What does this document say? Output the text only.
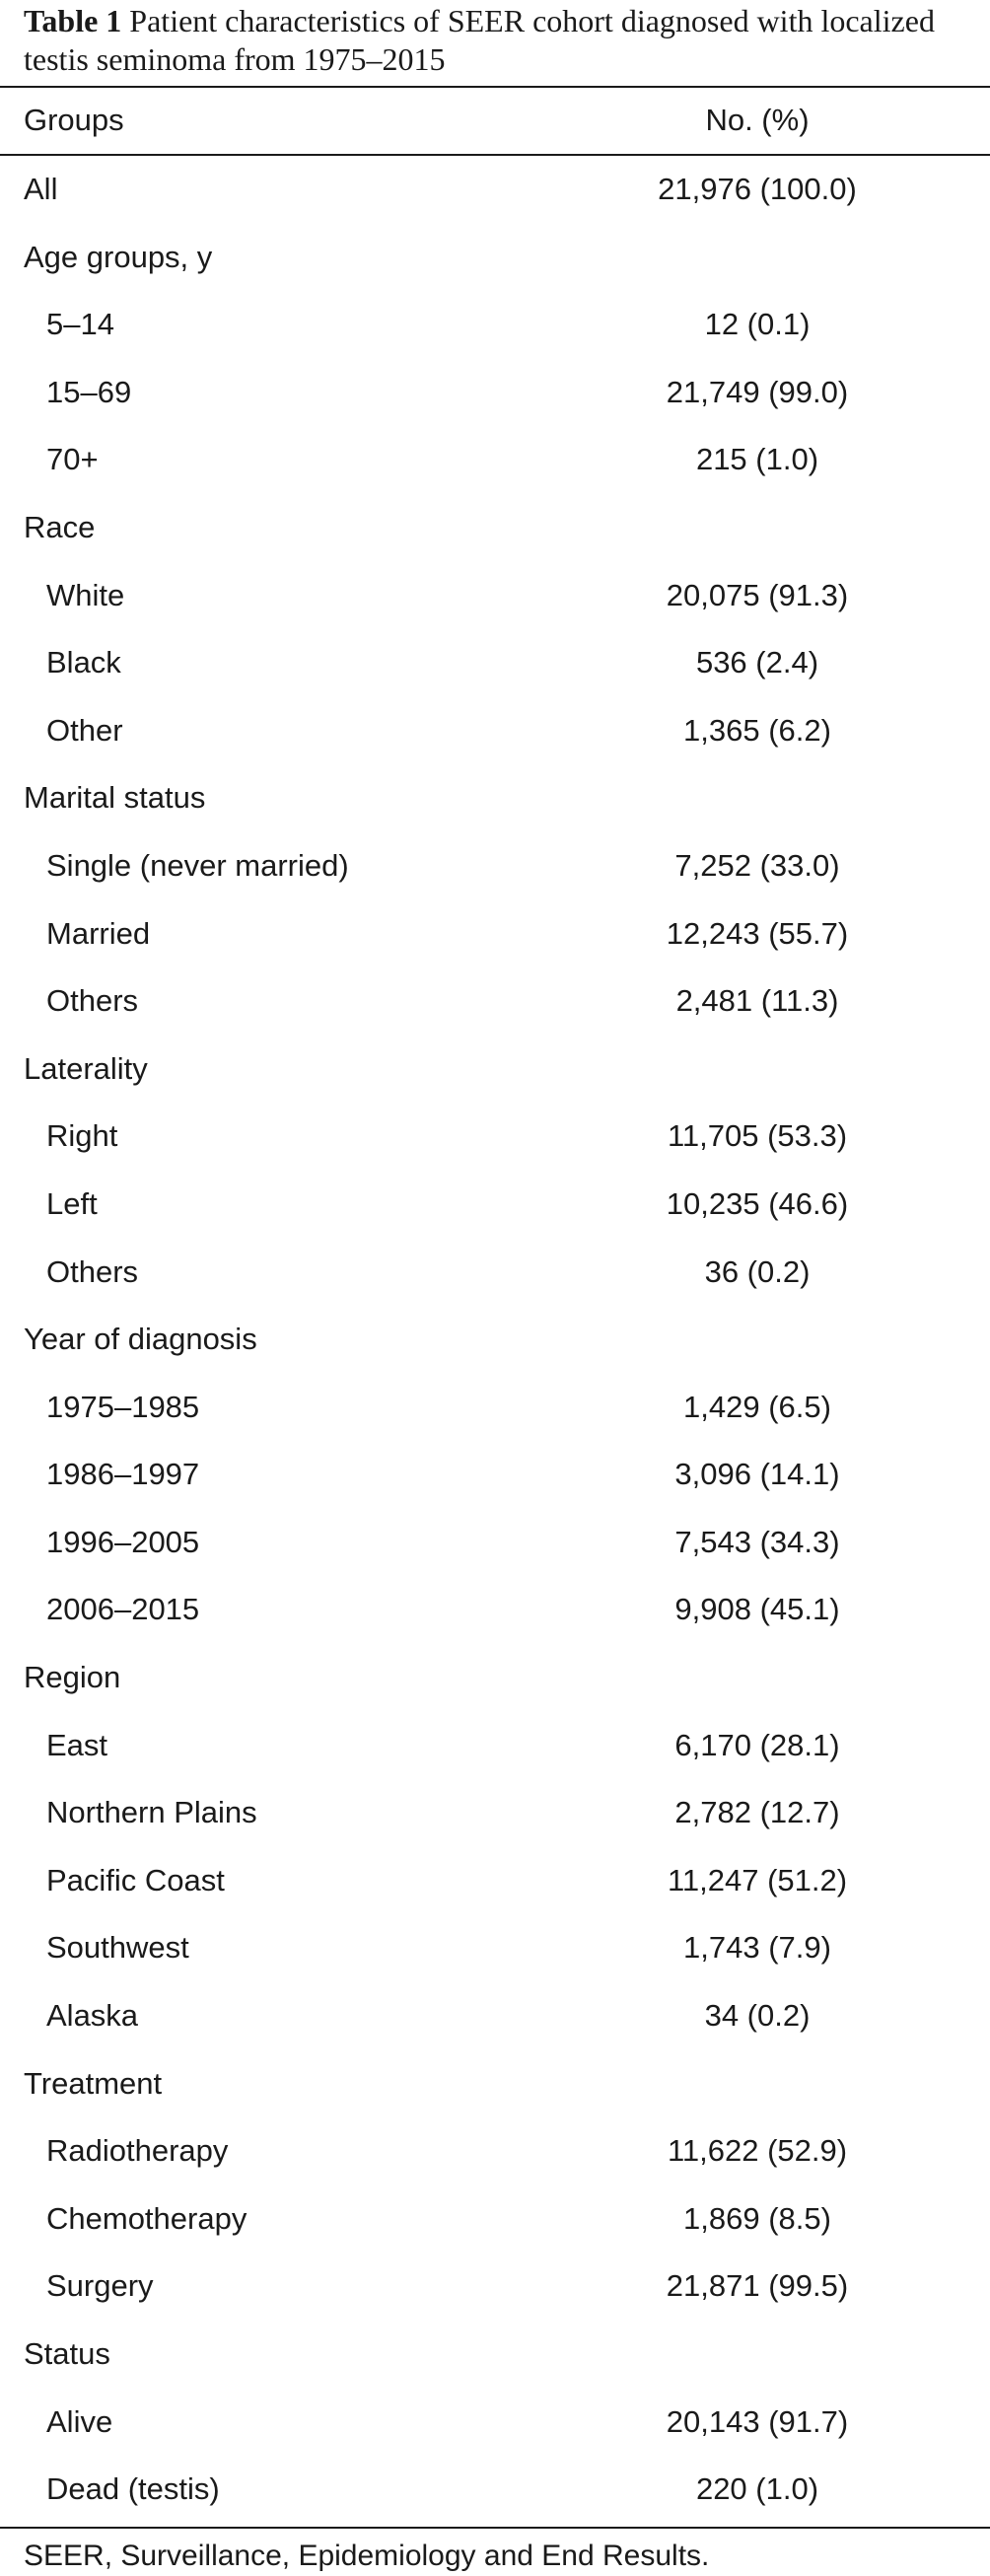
Table 1 Patient characteristics of SEER cohort diagnosed with localized testis seminoma from 1975–2015
Groups	No. (%)
All	21,976 (100.0)
Age groups, y
5–14	12 (0.1)
15–69	21,749 (99.0)
70+	215 (1.0)
Race
White	20,075 (91.3)
Black	536 (2.4)
Other	1,365 (6.2)
Marital status
Single (never married)	7,252 (33.0)
Married	12,243 (55.7)
Others	2,481 (11.3)
Laterality
Right	11,705 (53.3)
Left	10,235 (46.6)
Others	36 (0.2)
Year of diagnosis
1975–1985	1,429 (6.5)
1986–1997	3,096 (14.1)
1996–2005	7,543 (34.3)
2006–2015	9,908 (45.1)
Region
East	6,170 (28.1)
Northern Plains	2,782 (12.7)
Pacific Coast	11,247 (51.2)
Southwest	1,743 (7.9)
Alaska	34 (0.2)
Treatment
Radiotherapy	11,622 (52.9)
Chemotherapy	1,869 (8.5)
Surgery	21,871 (99.5)
Status
Alive	20,143 (91.7)
Dead (testis)	220 (1.0)
SEER, Surveillance, Epidemiology and End Results.
